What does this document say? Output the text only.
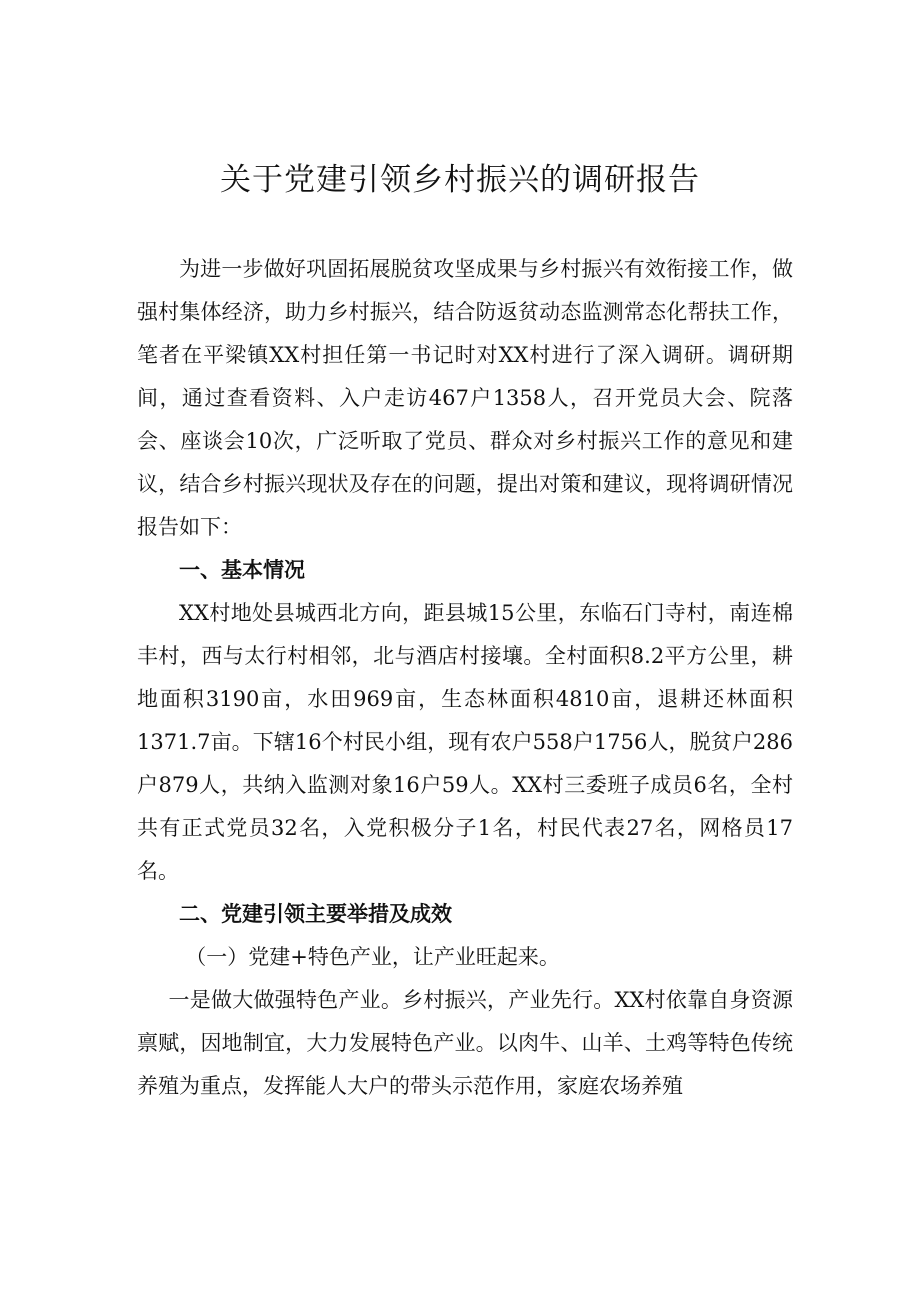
关于党建引领乡村振兴的调研报告

为进一步做好巩固拓展脱贫攻坚成果与乡村振兴有效衔接工作，做强村集体经济，助力乡村振兴，结合防返贫动态监测常态化帮扶工作，笔者在平梁镇XX村担任第一书记时对XX村进行了深入调研。调研期间，通过查看资料、入户走访467户1358人，召开党员大会、院落会、座谈会10次，广泛听取了党员、群众对乡村振兴工作的意见和建议，结合乡村振兴现状及存在的问题，提出对策和建议，现将调研情况报告如下：

一、基本情况

XX村地处县城西北方向，距县城15公里，东临石门寺村，南连棉丰村，西与太行村相邻，北与酒店村接壤。全村面积8.2平方公里，耕地面积3190亩，水田969亩，生态林面积4810亩，退耕还林面积1371.7亩。下辖16个村民小组，现有农户558户1756人，脱贫户286户879人，共纳入监测对象16户59人。XX村三委班子成员6名，全村共有正式党员32名，入党积极分子1名，村民代表27名，网格员17名。

二、党建引领主要举措及成效

（一）党建+特色产业，让产业旺起来。

一是做大做强特色产业。乡村振兴，产业先行。XX村依靠自身资源禀赋，因地制宜，大力发展特色产业。以肉牛、山羊、土鸡等特色传统养殖为重点，发挥能人大户的带头示范作用，家庭农场养殖
